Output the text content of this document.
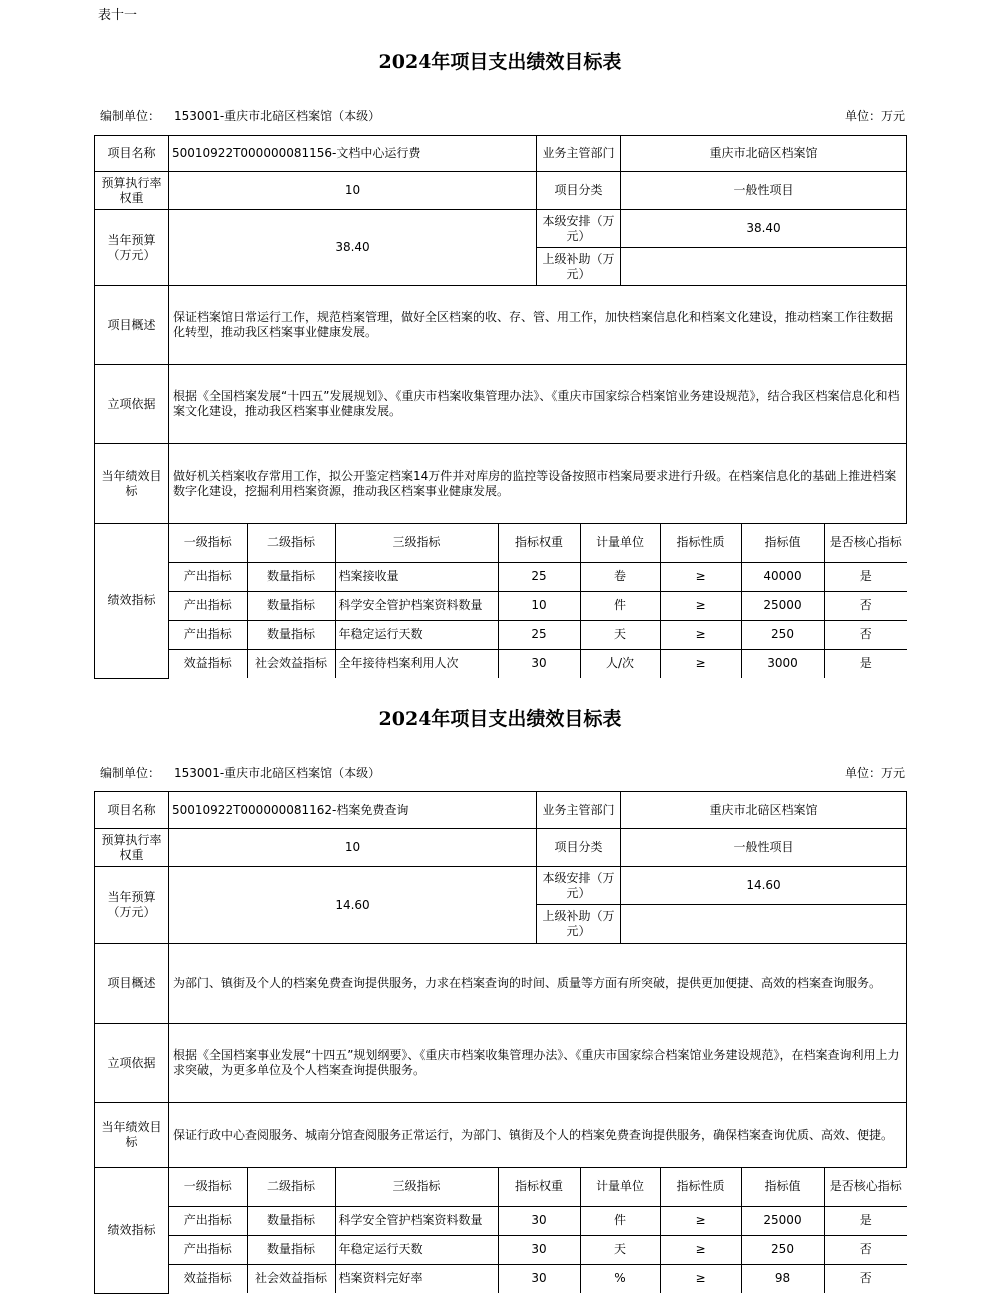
表十一
2024年项目支出绩效目标表
编制单位： 153001-重庆市北碚区档案馆（本级）	单位：万元
项目名称	50010922T000000081156-文档中心运行费	业务主管部门	重庆市北碚区档案馆
预算执行率权重	10	项目分类	一般性项目
当年预算（万元）	38.40	本级安排（万元）	38.40
上级补助（万元）	
项目概述	保证档案馆日常运行工作，规范档案管理，做好全区档案的收、存、管、用工作，加快档案信息化和档案文化建设，推动档案工作往数据化转型，推动我区档案事业健康发展。
立项依据	根据《全国档案发展“十四五”发展规划》、《重庆市档案收集管理办法》、《重庆市国家综合档案馆业务建设规范》，结合我区档案信息化和档案文化建设，推动我区档案事业健康发展。
当年绩效目标	做好机关档案收存常用工作，拟公开鉴定档案14万件并对库房的监控等设备按照市档案局要求进行升级。在档案信息化的基础上推进档案数字化建设，挖掘利用档案资源，推动我区档案事业健康发展。
绩效指标	
一级指标	二级指标	三级指标	指标权重	计量单位	指标性质	指标值	是否核心指标
产出指标	数量指标	档案接收量	25	卷	≥	40000	是
产出指标	数量指标	科学安全管护档案资料数量	10	件	≥	25000	否
产出指标	数量指标	年稳定运行天数	25	天	≥	250	否
效益指标	社会效益指标	全年接待档案利用人次	30	人/次	≥	3000	是
2024年项目支出绩效目标表
编制单位： 153001-重庆市北碚区档案馆（本级）	单位：万元
项目名称	50010922T000000081162-档案免费查询	业务主管部门	重庆市北碚区档案馆
预算执行率权重	10	项目分类	一般性项目
当年预算（万元）	14.60	本级安排（万元）	14.60
上级补助（万元）	
项目概述	为部门、镇街及个人的档案免费查询提供服务，力求在档案查询的时间、质量等方面有所突破，提供更加便捷、高效的档案查询服务。
立项依据	根据《全国档案事业发展“十四五”规划纲要》、《重庆市档案收集管理办法》、《重庆市国家综合档案馆业务建设规范》，在档案查询利用上力求突破，为更多单位及个人档案查询提供服务。
当年绩效目标	保证行政中心查阅服务、城南分馆查阅服务正常运行，为部门、镇街及个人的档案免费查询提供服务，确保档案查询优质、高效、便捷。
绩效指标	
一级指标	二级指标	三级指标	指标权重	计量单位	指标性质	指标值	是否核心指标
产出指标	数量指标	科学安全管护档案资料数量	30	件	≥	25000	是
产出指标	数量指标	年稳定运行天数	30	天	≥	250	否
效益指标	社会效益指标	档案资料完好率	30	%	≥	98	否
